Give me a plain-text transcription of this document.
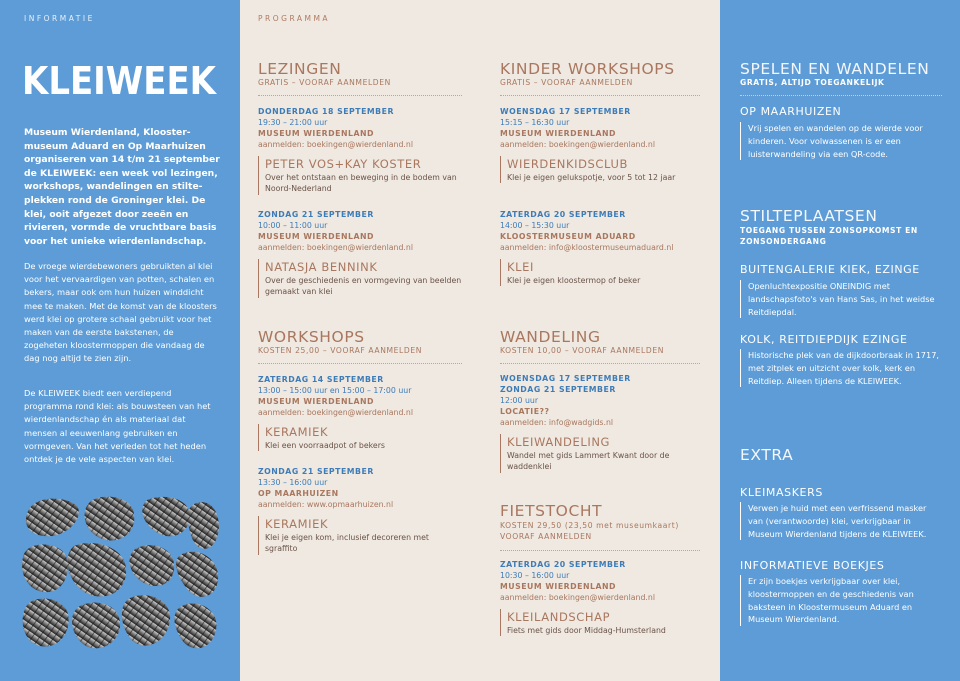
INFORMATIE
KLEIWEEK
Museum Wierdenland, Klooster-museum Aduard en Op Maarhuizen organiseren van 14 t/m 21 september de KLEIWEEK: een week vol lezingen, workshops, wandelingen en stilte-plekken rond de Groninger klei. De klei, ooit afgezet door zeeën en rivieren, vormde de vruchtbare basis voor het unieke wierdenlandschap.
De vroege wierdebewoners gebruikten al klei voor het vervaardigen van potten, schalen en bekers, maar ook om hun huizen winddicht mee te maken. Met de komst van de kloosters werd klei op grotere schaal gebruikt voor het maken van de eerste bakstenen, de zogeheten kloostermoppen die vandaag de dag nog altijd te zien zijn.
De KLEIWEEK biedt een verdiepend programma rond klei: als bouwsteen van het wierdenlandschap én als materiaal dat mensen al eeuwenlang gebruiken en vormgeven. Van het verleden tot het heden ontdek je de vele aspecten van klei.
PROGRAMMA
LEZINGEN
GRATIS – VOORAF AANMELDEN
DONDERDAG 18 SEPTEMBER
19:30 – 21:00 uur
MUSEUM WIERDENLAND
aanmelden: boekingen@wierdenland.nl
PETER VOS+KAY KOSTER
Over het ontstaan en beweging in de bodem van Noord-Nederland
ZONDAG 21 SEPTEMBER
10:00 – 11:00 uur
MUSEUM WIERDENLAND
aanmelden: boekingen@wierdenland.nl
NATASJA BENNINK
Over de geschiedenis en vormgeving van beelden gemaakt van klei
WORKSHOPS
KOSTEN 25,00 – VOORAF AANMELDEN
ZATERDAG 14 SEPTEMBER
13:00 – 15:00 uur en 15:00 – 17:00 uur
MUSEUM WIERDENLAND
aanmelden: boekingen@wierdenland.nl
KERAMIEK
Klei een voorraadpot of bekers
ZONDAG 21 SEPTEMBER
13:30 – 16:00 uur
OP MAARHUIZEN
aanmelden: www.opmaarhuizen.nl
KERAMIEK
Klei je eigen kom, inclusief decoreren met sgraffito
KINDER WORKSHOPS
GRATIS – VOORAF AANMELDEN
WOENSDAG 17 SEPTEMBER
15:15 – 16:30 uur
MUSEUM WIERDENLAND
aanmelden: boekingen@wierdenland.nl
WIERDENKIDSCLUB
Klei je eigen gelukspotje, voor 5 tot 12 jaar
ZATERDAG 20 SEPTEMBER
14:00 – 15:30 uur
KLOOSTERMUSEUM ADUARD
aanmelden: info@kloostermuseumaduard.nl
KLEI
Klei je eigen kloostermop of beker
WANDELING
KOSTEN 10,00 – VOORAF AANMELDEN
WOENSDAG 17 SEPTEMBER
ZONDAG 21 SEPTEMBER
12:00 uur
LOCATIE??
aanmelden: info@wadgids.nl
KLEIWANDELING
Wandel met gids Lammert Kwant door de waddenklei
FIETSTOCHT
KOSTEN 29,50 (23,50 met museumkaart) VOORAF AANMELDEN
ZATERDAG 20 SEPTEMBER
10:30 – 16:00 uur
MUSEUM WIERDENLAND
aanmelden: boekingen@wierdenland.nl
KLEILANDSCHAP
Fiets met gids door Middag-Humsterland
SPELEN EN WANDELEN
GRATIS, ALTIJD TOEGANKELIJK
OP MAARHUIZEN
Vrij spelen en wandelen op de wierde voor kinderen. Voor volwassenen is er een luisterwandeling via een QR-code.
STILTEPLAATSEN
TOEGANG TUSSEN ZONSOPKOMST EN ZONSONDERGANG
BUITENGALERIE KIEK, EZINGE
Openluchtexpositie ONEINDIG met landschapsfoto's van Hans Sas, in het weidse Reitdiepdal.
KOLK, REITDIEPDIJK EZINGE
Historische plek van de dijkdoorbraak in 1717, met zitplek en uitzicht over kolk, kerk en Reitdiep. Alleen tijdens de KLEIWEEK.
EXTRA
KLEIMASKERS
Verwen je huid met een verfrissend masker van (verantwoorde) klei, verkrijgbaar in Museum Wierdenland tijdens de KLEIWEEK.
INFORMATIEVE BOEKJES
Er zijn boekjes verkrijgbaar over klei, kloostermoppen en de geschiedenis van baksteen in Kloostermuseum Aduard en Museum Wierdenland.
